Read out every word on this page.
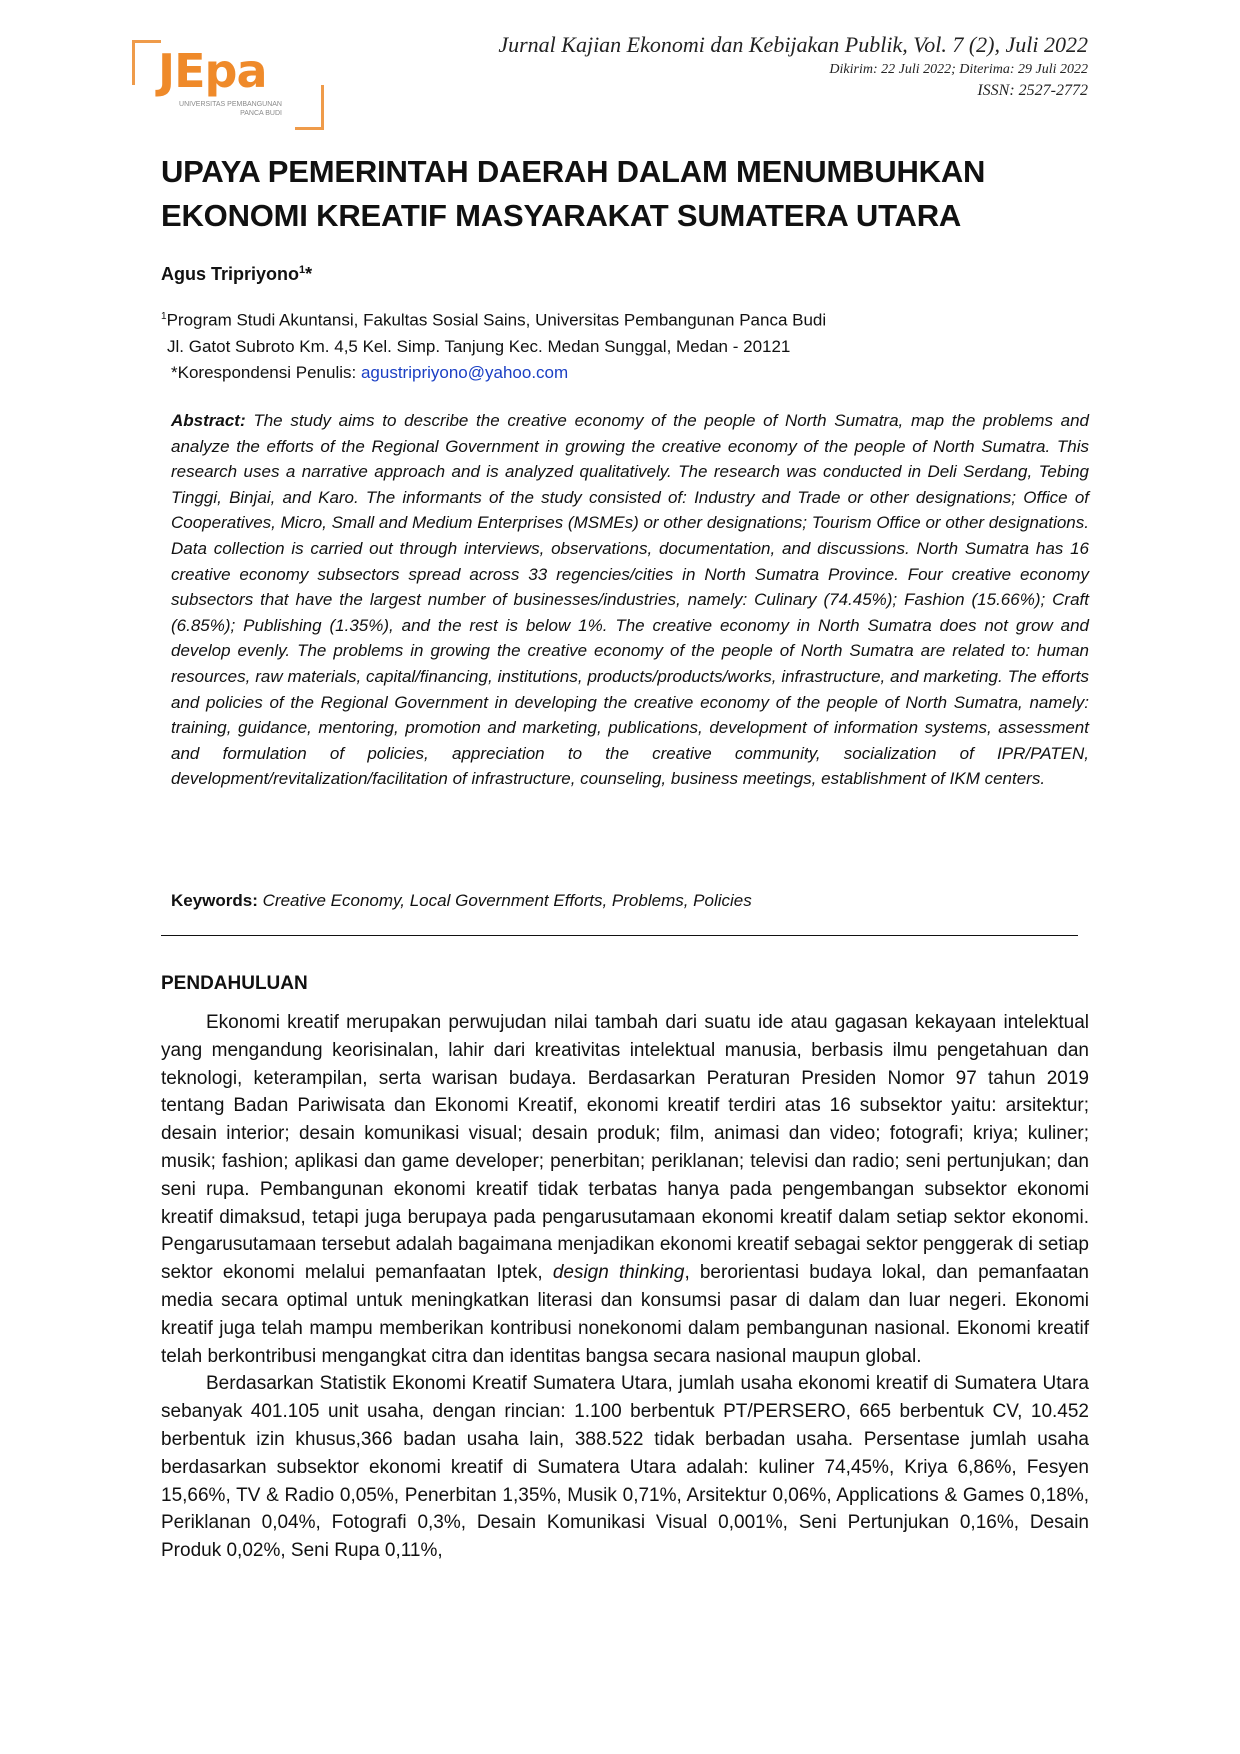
JEpa
UNIVERSITAS PEMBANGUNAN
PANCA BUDI
Jurnal Kajian Ekonomi dan Kebijakan Publik, Vol. 7 (2), Juli 2022
Dikirim: 22 Juli 2022; Diterima: 29 Juli 2022
ISSN: 2527-2772
UPAYA PEMERINTAH DAERAH DALAM MENUMBUHKAN
EKONOMI KREATIF MASYARAKAT SUMATERA UTARA
Agus Tripriyono$^1$*
$^1$Program Studi Akuntansi, Fakultas Sosial Sains, Universitas Pembangunan Panca Budi
Jl. Gatot Subroto Km. 4,5 Kel. Simp. Tanjung Kec. Medan Sunggal, Medan - 20121
*Korespondensi Penulis: agustripriyono@yahoo.com
Abstract: The study aims to describe the creative economy of the people of North Sumatra, map the problems and analyze the efforts of the Regional Government in growing the creative economy of the people of North Sumatra. This research uses a narrative approach and is analyzed qualitatively. The research was conducted in Deli Serdang, Tebing Tinggi, Binjai, and Karo. The informants of the study consisted of: Industry and Trade or other designations; Office of Cooperatives, Micro, Small and Medium Enterprises (MSMEs) or other designations; Tourism Office or other designations. Data collection is carried out through interviews, observations, documentation, and discussions. North Sumatra has 16 creative economy subsectors spread across 33 regencies/cities in North Sumatra Province. Four creative economy subsectors that have the largest number of businesses/industries, namely: Culinary (74.45%); Fashion (15.66%); Craft (6.85%); Publishing (1.35%), and the rest is below 1%. The creative economy in North Sumatra does not grow and develop evenly. The problems in growing the creative economy of the people of North Sumatra are related to: human resources, raw materials, capital/financing, institutions, products/products/works, infrastructure, and marketing. The efforts and policies of the Regional Government in developing the creative economy of the people of North Sumatra, namely: training, guidance, mentoring, promotion and marketing, publications, development of information systems, assessment and formulation of policies, appreciation to the creative community, socialization of IPR/PATEN, development/revitalization/facilitation of infrastructure, counseling, business meetings, establishment of IKM centers.
Keywords: Creative Economy, Local Government Efforts, Problems, Policies
PENDAHULUAN

Ekonomi kreatif merupakan perwujudan nilai tambah dari suatu ide atau gagasan kekayaan intelektual yang mengandung keorisinalan, lahir dari kreativitas intelektual manusia, berbasis ilmu pengetahuan dan teknologi, keterampilan, serta warisan budaya. Berdasarkan Peraturan Presiden Nomor 97 tahun 2019 tentang Badan Pariwisata dan Ekonomi Kreatif, ekonomi kreatif terdiri atas 16 subsektor yaitu: arsitektur; desain interior; desain komunikasi visual; desain produk; film, animasi dan video; fotografi; kriya; kuliner; musik; fashion; aplikasi dan game developer; penerbitan; periklanan; televisi dan radio; seni pertunjukan; dan seni rupa. Pembangunan ekonomi kreatif tidak terbatas hanya pada pengembangan subsektor ekonomi kreatif dimaksud, tetapi juga berupaya pada pengarusutamaan ekonomi kreatif dalam setiap sektor ekonomi. Pengarusutamaan tersebut adalah bagaimana menjadikan ekonomi kreatif sebagai sektor penggerak di setiap sektor ekonomi melalui pemanfaatan Iptek, design thinking, berorientasi budaya lokal, dan pemanfaatan media secara optimal untuk meningkatkan literasi dan konsumsi pasar di dalam dan luar negeri. Ekonomi kreatif juga telah mampu memberikan kontribusi nonekonomi dalam pembangunan nasional. Ekonomi kreatif telah berkontribusi mengangkat citra dan identitas bangsa secara nasional maupun global.

Berdasarkan Statistik Ekonomi Kreatif Sumatera Utara, jumlah usaha ekonomi kreatif di Sumatera Utara sebanyak 401.105 unit usaha, dengan rincian: 1.100 berbentuk PT/PERSERO, 665 berbentuk CV, 10.452 berbentuk izin khusus,366 badan usaha lain, 388.522 tidak berbadan usaha. Persentase jumlah usaha berdasarkan subsektor ekonomi kreatif di Sumatera Utara adalah: kuliner 74,45%, Kriya 6,86%, Fesyen 15,66%, TV & Radio 0,05%, Penerbitan 1,35%, Musik 0,71%, Arsitektur 0,06%, Applications & Games 0,18%, Periklanan 0,04%, Fotografi 0,3%, Desain Komunikasi Visual 0,001%, Seni Pertunjukan 0,16%, Desain Produk 0,02%, Seni Rupa 0,11%,
